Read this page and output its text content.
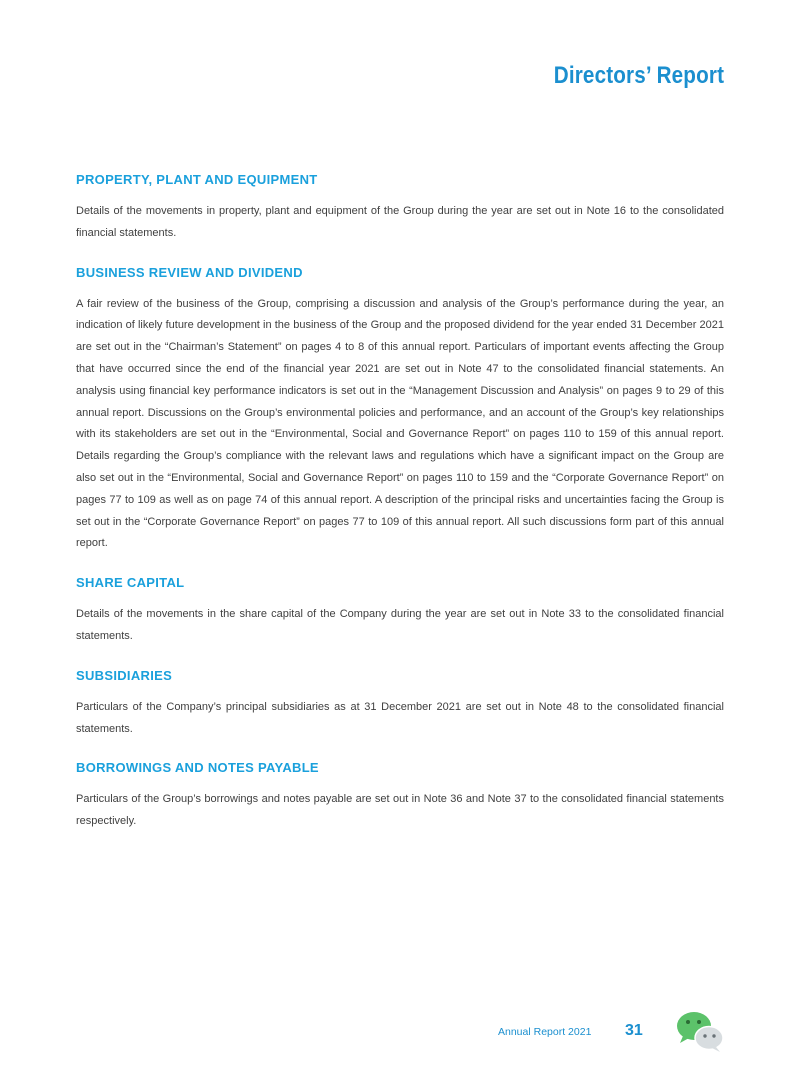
Directors’ Report
PROPERTY, PLANT AND EQUIPMENT

Details of the movements in property, plant and equipment of the Group during the year are set out in Note 16 to the consolidated financial statements.

BUSINESS REVIEW AND DIVIDEND

A fair review of the business of the Group, comprising a discussion and analysis of the Group’s performance during the year, an indication of likely future development in the business of the Group and the proposed dividend for the year ended 31 December 2021 are set out in the “Chairman’s Statement” on pages 4 to 8 of this annual report. Particulars of important events affecting the Group that have occurred since the end of the financial year 2021 are set out in Note 47 to the consolidated financial statements. An analysis using financial key performance indicators is set out in the “Management Discussion and Analysis” on pages 9 to 29 of this annual report. Discussions on the Group’s environmental policies and performance, and an account of the Group’s key relationships with its stakeholders are set out in the “Environmental, Social and Governance Report” on pages 110 to 159 of this annual report. Details regarding the Group’s compliance with the relevant laws and regulations which have a significant impact on the Group are also set out in the “Environmental, Social and Governance Report” on pages 110 to 159 and the “Corporate Governance Report” on pages 77 to 109 as well as on page 74 of this annual report. A description of the principal risks and uncertainties facing the Group is set out in the “Corporate Governance Report” on pages 77 to 109 of this annual report. All such discussions form part of this annual report.

SHARE CAPITAL

Details of the movements in the share capital of the Company during the year are set out in Note 33 to the consolidated financial statements.

SUBSIDIARIES

Particulars of the Company’s principal subsidiaries as at 31 December 2021 are set out in Note 48 to the consolidated financial statements.

BORROWINGS AND NOTES PAYABLE

Particulars of the Group’s borrowings and notes payable are set out in Note 36 and Note 37 to the consolidated financial statements respectively.

Annual Report 2021 31
